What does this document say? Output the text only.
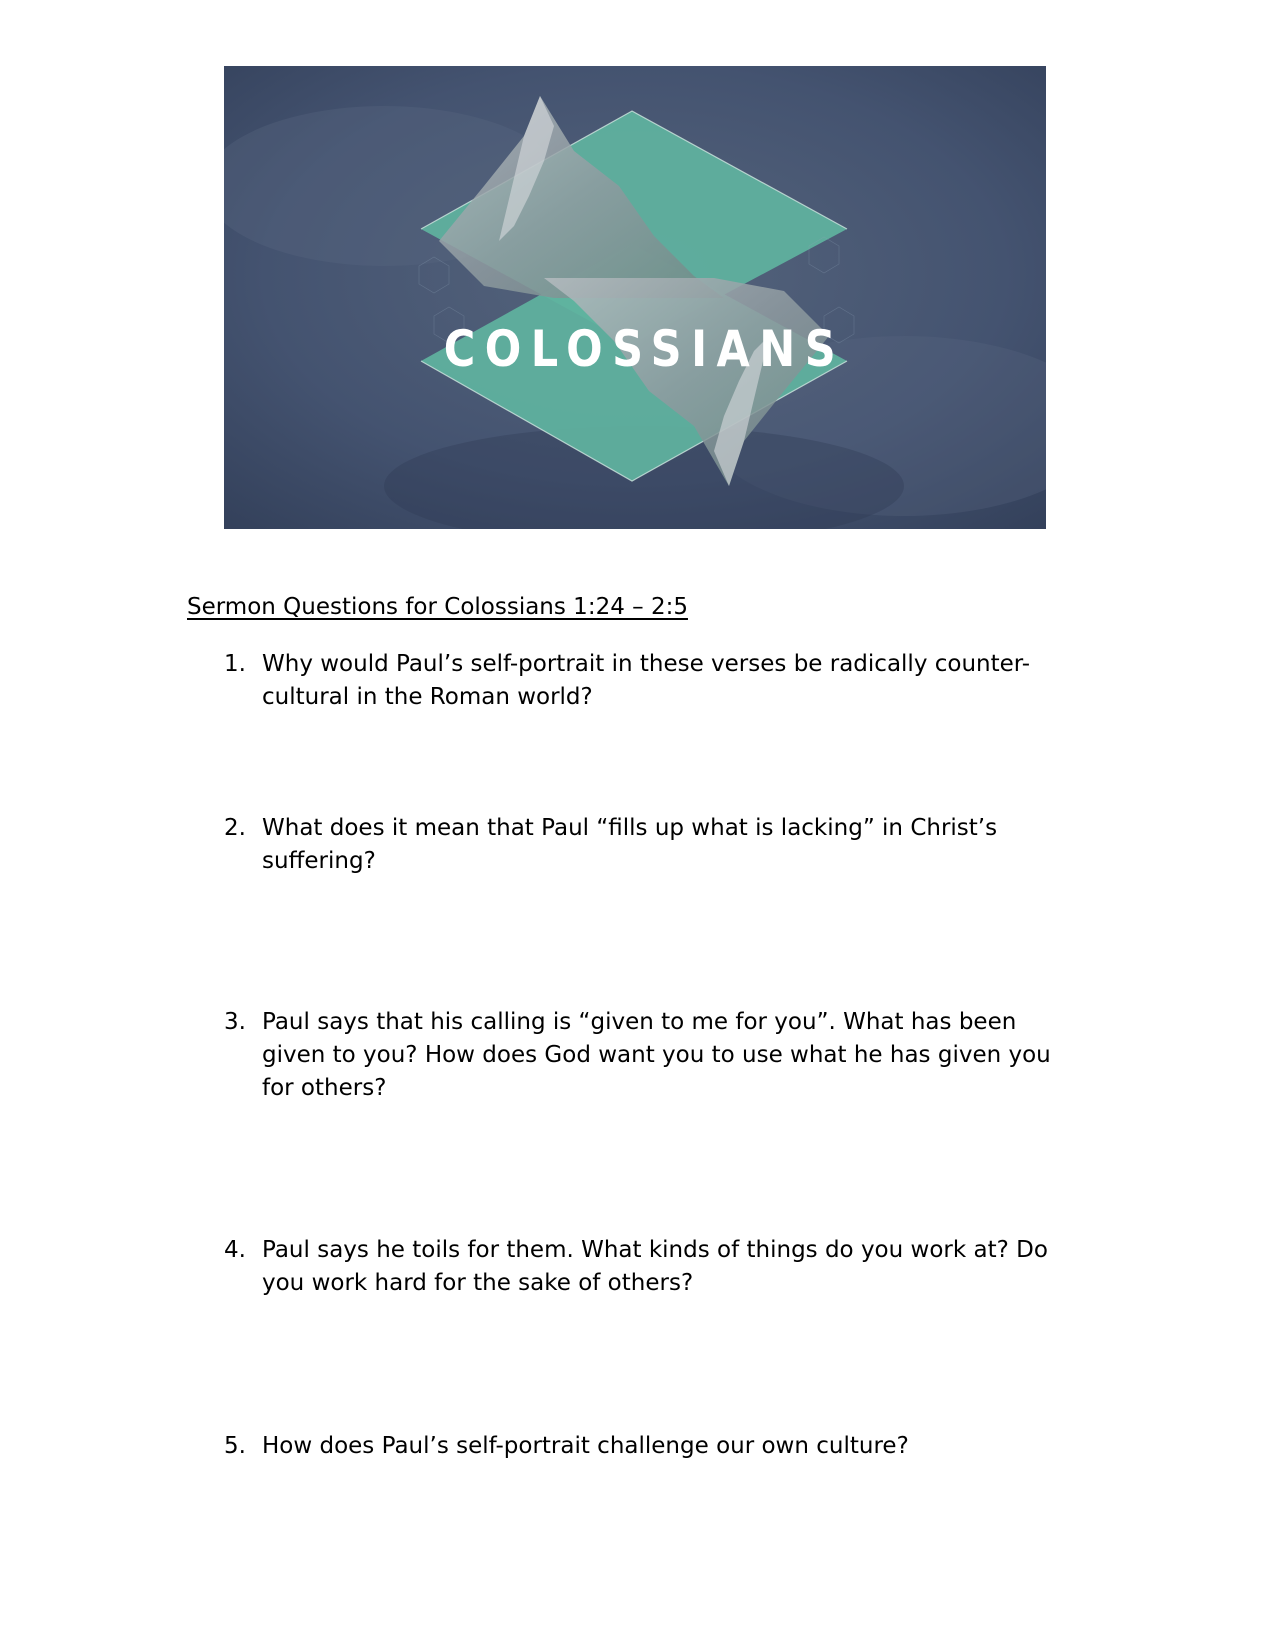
COLOSSIANS
Sermon Questions for Colossians 1:24 – 2:5
1. Why would Paul’s self-portrait in these verses be radically counter-cultural in the Roman world?
2. What does it mean that Paul “fills up what is lacking” in Christ’s suffering?
3. Paul says that his calling is “given to me for you”. What has been given to you? How does God want you to use what he has given you for others?
4. Paul says he toils for them. What kinds of things do you work at? Do you work hard for the sake of others?
5. How does Paul’s self-portrait challenge our own culture?
